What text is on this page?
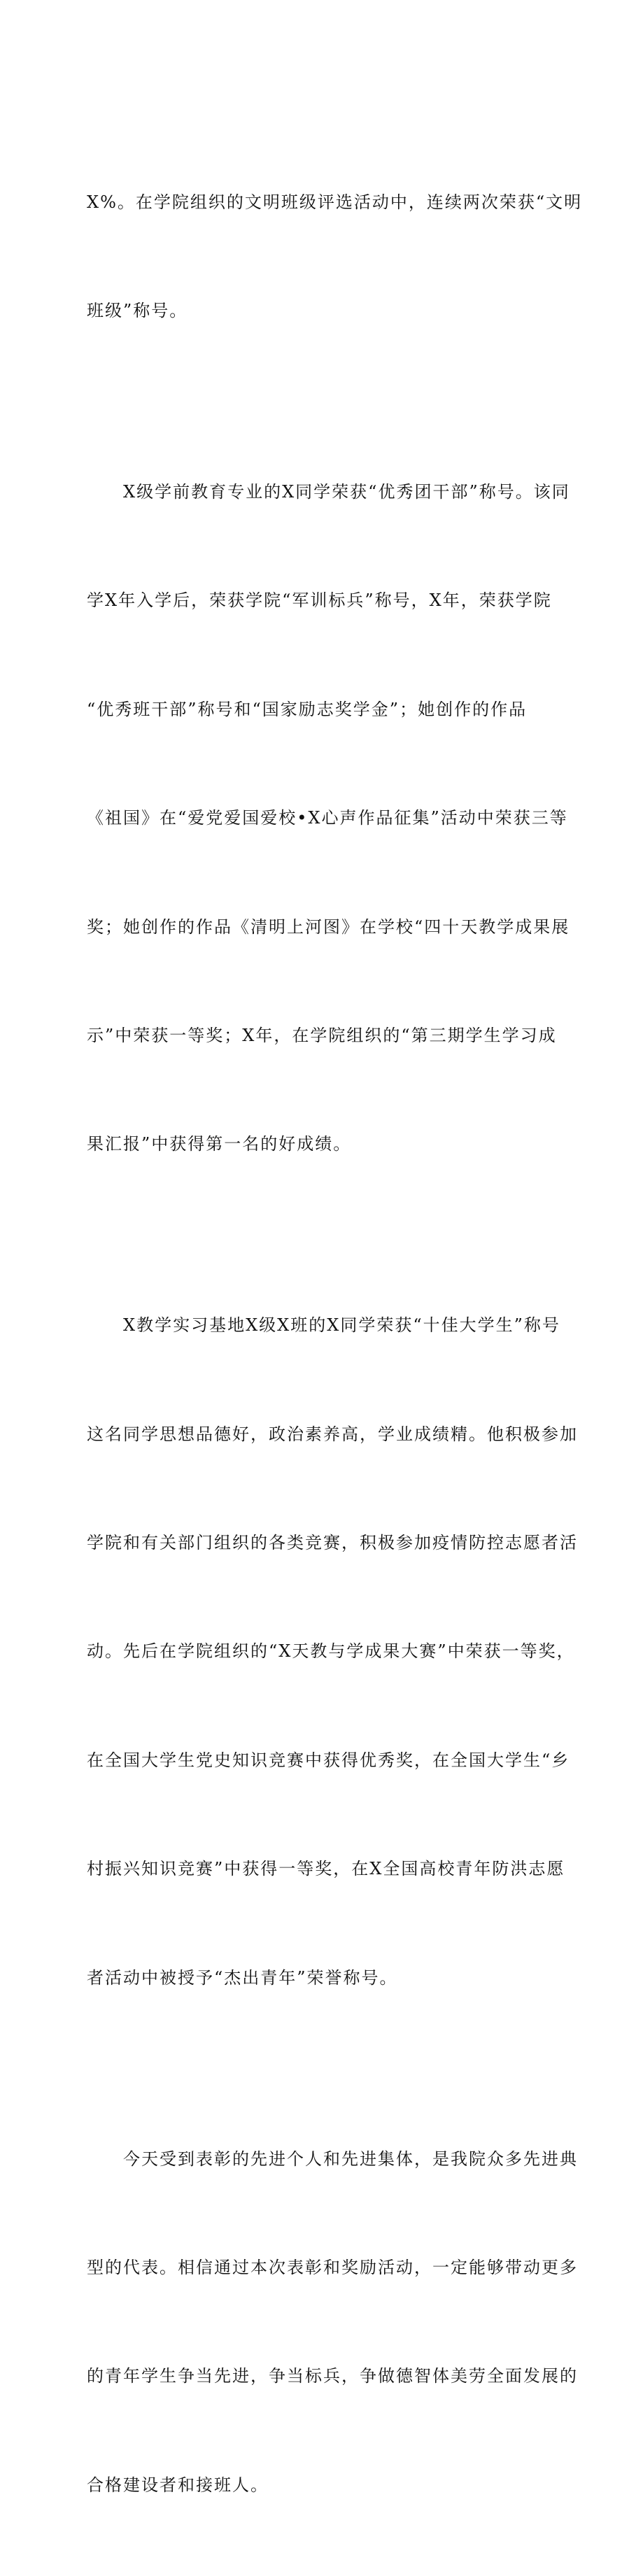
X%。在学院组织的文明班级评选活动中，连续两次荣获“文明

班级”称号。

　　X级学前教育专业的X同学荣获“优秀团干部”称号。该同

学X年入学后，荣获学院“军训标兵”称号，X年，荣获学院

“优秀班干部”称号和“国家励志奖学金”；她创作的作品

《祖国》在“爱党爱国爱校•X心声作品征集”活动中荣获三等

奖；她创作的作品《清明上河图》在学校“四十天教学成果展

示”中荣获一等奖；X年，在学院组织的“第三期学生学习成

果汇报”中获得第一名的好成绩。

　　X教学实习基地X级X班的X同学荣获“十佳大学生”称号

这名同学思想品德好，政治素养高，学业成绩精。他积极参加

学院和有关部门组织的各类竞赛，积极参加疫情防控志愿者活

动。先后在学院组织的“X天教与学成果大赛”中荣获一等奖，

在全国大学生党史知识竞赛中获得优秀奖，在全国大学生“乡

村振兴知识竞赛”中获得一等奖，在X全国高校青年防洪志愿

者活动中被授予“杰出青年”荣誉称号。

　　今天受到表彰的先进个人和先进集体，是我院众多先进典

型的代表。相信通过本次表彰和奖励活动，一定能够带动更多

的青年学生争当先进，争当标兵，争做德智体美劳全面发展的

合格建设者和接班人。
